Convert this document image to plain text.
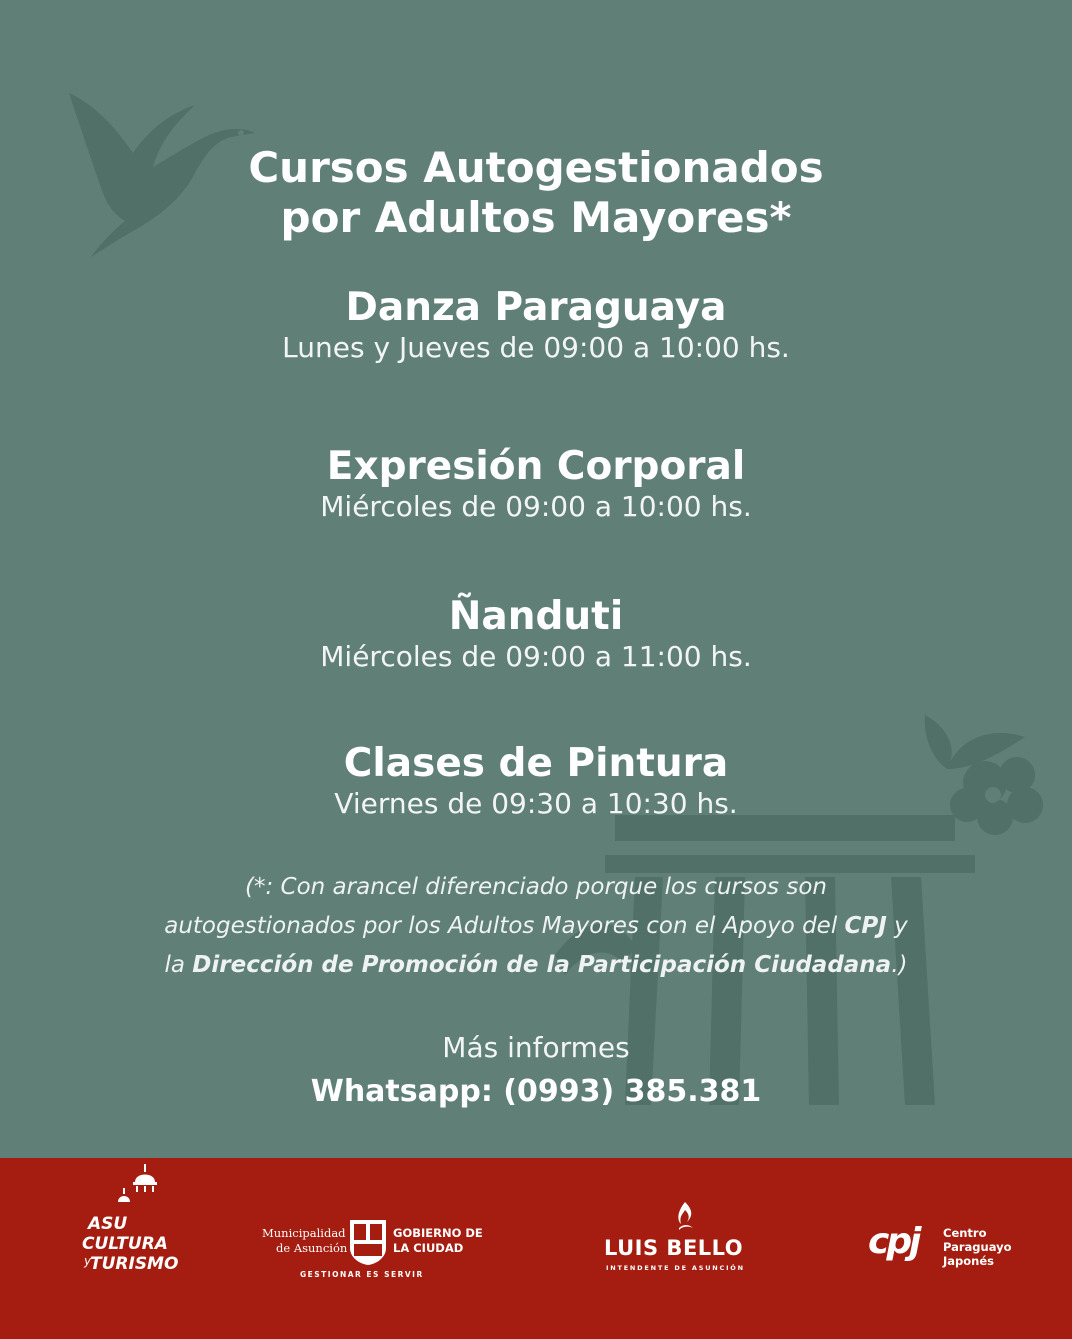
Cursos Autogestionados
por Adultos Mayores*
Danza Paraguaya
Lunes y Jueves de 09:00 a 10:00 hs.
Expresión Corporal
Miércoles de 09:00 a 10:00 hs.
Ñanduti
Miércoles de 09:00 a 11:00 hs.
Clases de Pintura
Viernes de 09:30 a 10:30 hs.
(*: Con arancel diferenciado porque los cursos son
autogestionados por los Adultos Mayores con el Apoyo del CPJ y
la Dirección de Promoción de la Participación Ciudadana.)
Más informes
Whatsapp: (0993) 385.381
ASU
CULTURA
y
TURISMO
Municipalidad
de Asunción
GOBIERNO DE
LA CIUDAD
GESTIONAR ES SERVIR
LUIS BELLO
INTENDENTE DE ASUNCIÓN
cpj Centro
Paraguayo
Japonés
